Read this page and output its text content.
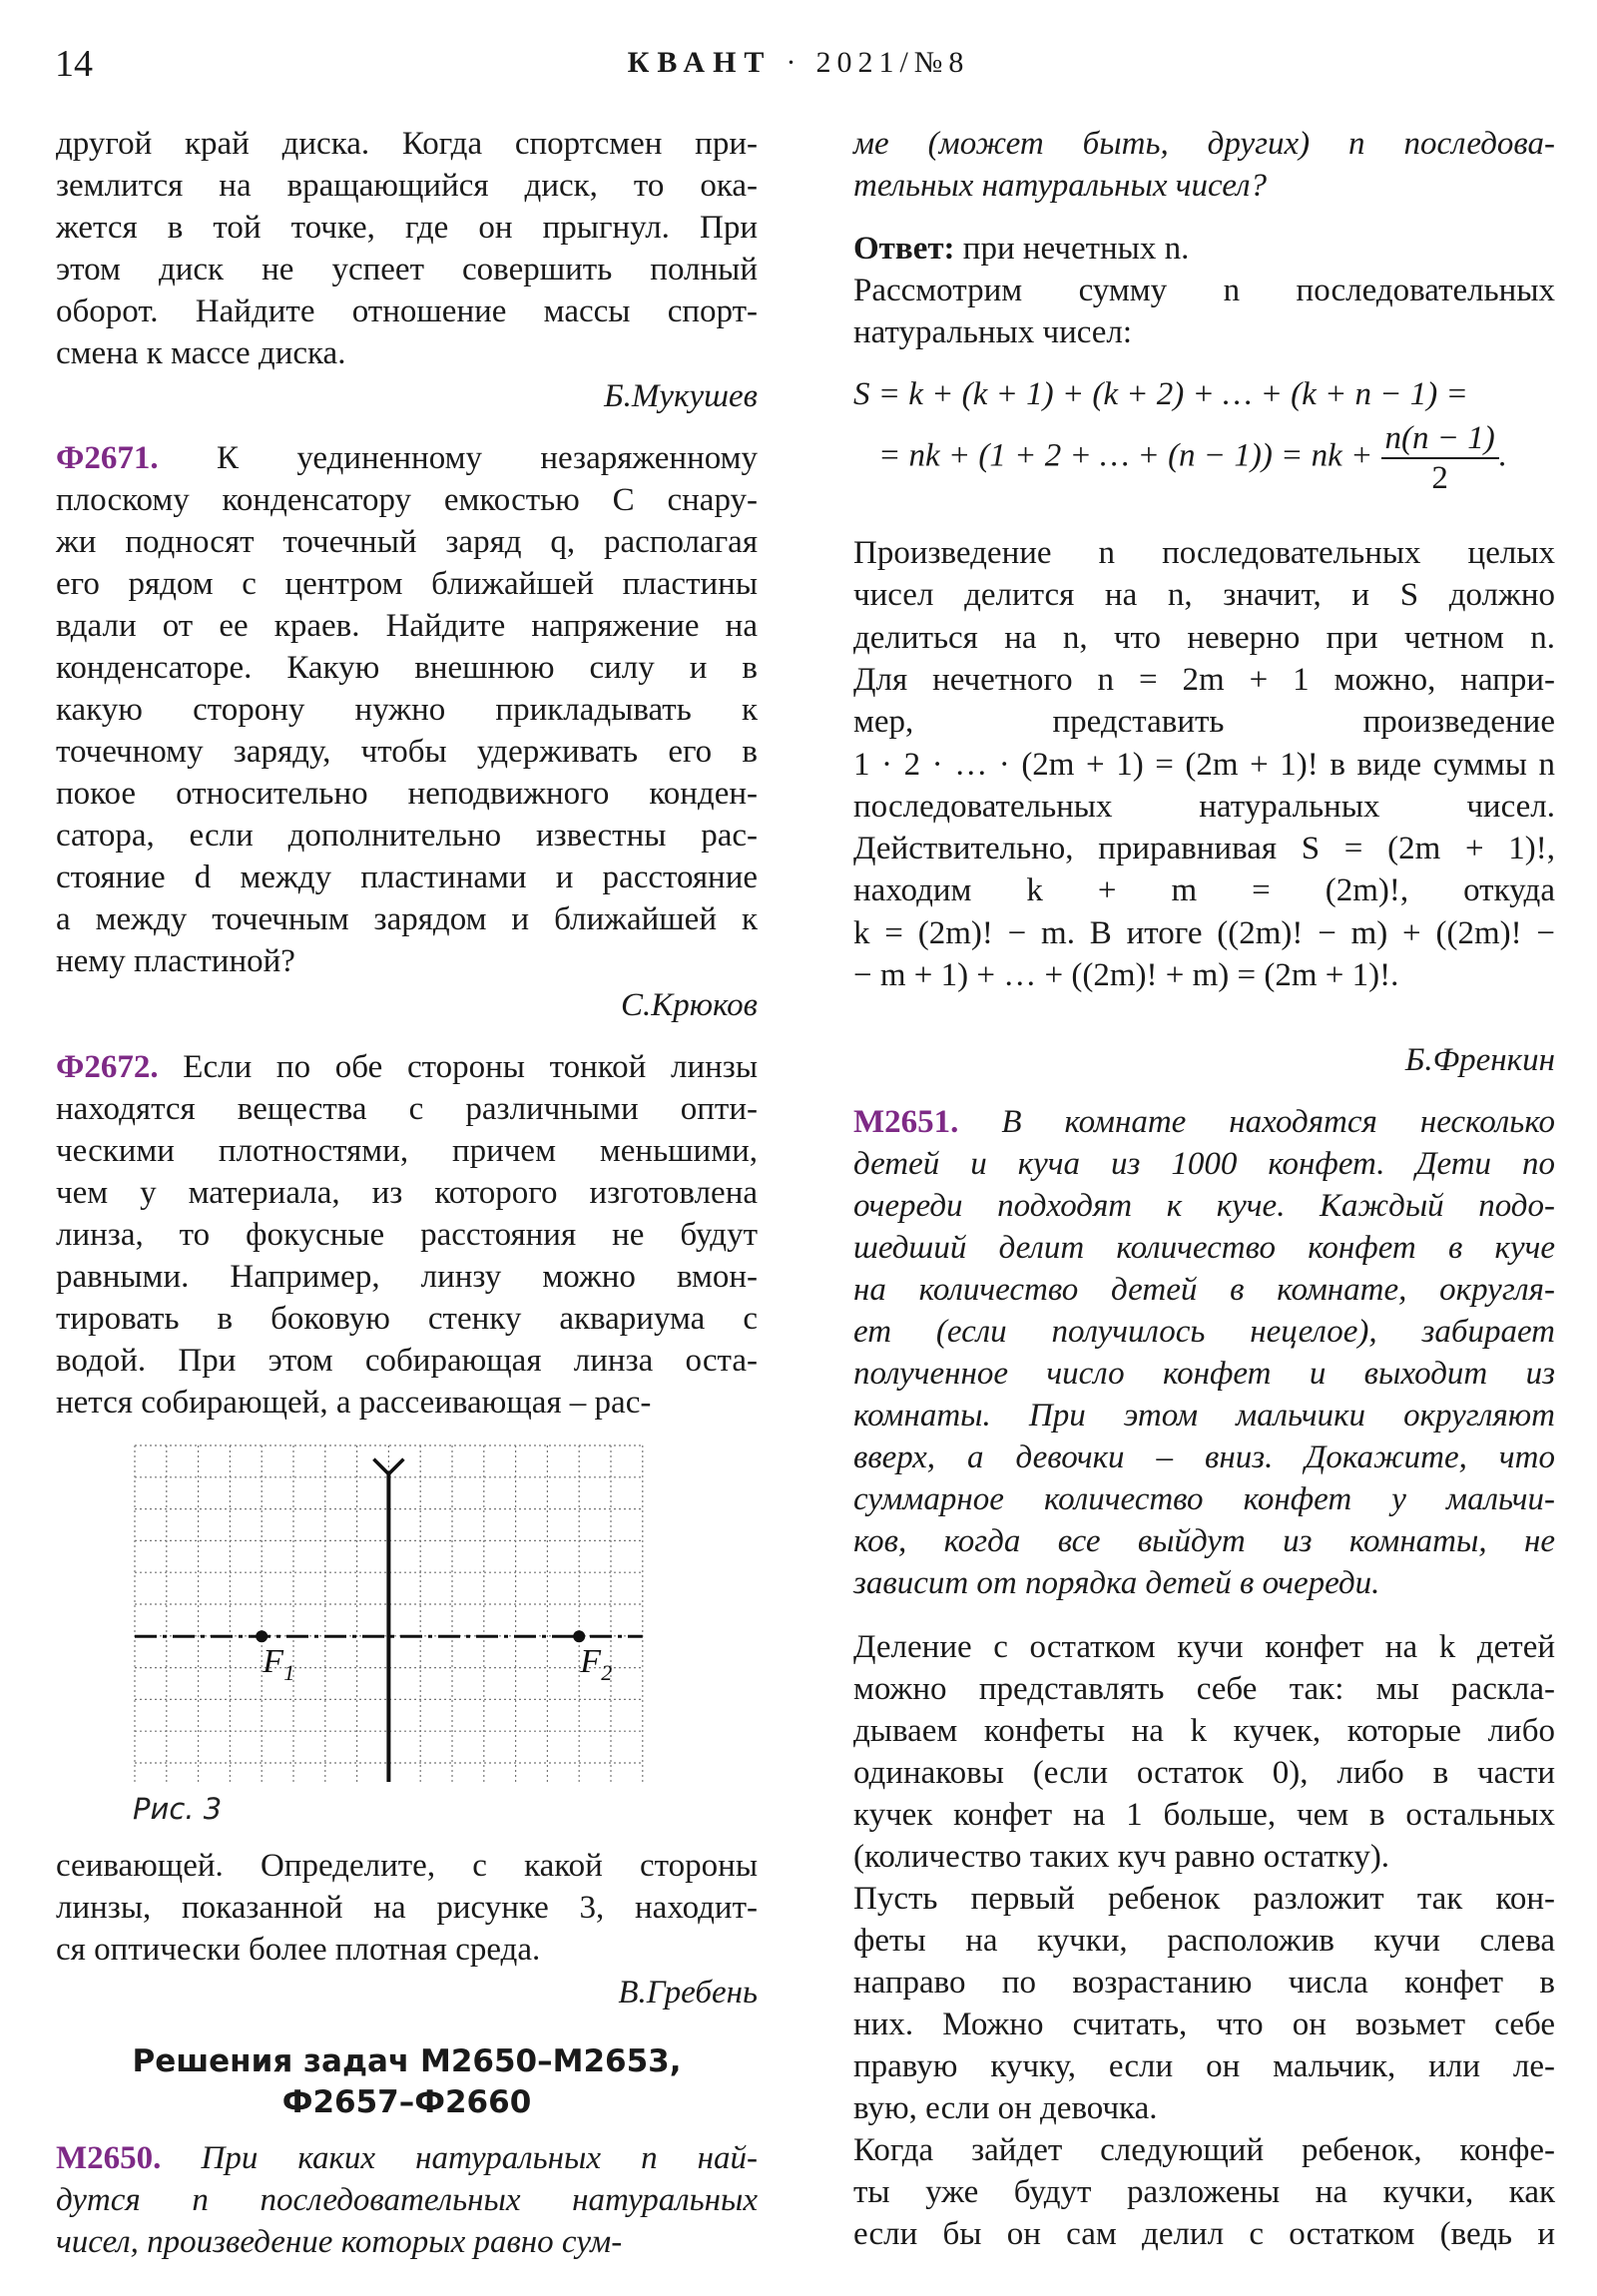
14	КВАНТ · 2021/№8
другой край диска. Когда спортсмен при-
землится на вращающийся диск, то ока-
жется в той точке, где он прыгнул. При
этом диск не успеет совершить полный
оборот. Найдите отношение массы спорт-
смена к массе диска.
Б.Мукушев
Ф2671. К уединенному незаряженному
плоскому конденсатору емкостью C снару-
жи подносят точечный заряд q, располагая
его рядом с центром ближайшей пластины
вдали от ее краев. Найдите напряжение на
конденсаторе. Какую внешнюю силу и в
какую сторону нужно прикладывать к
точечному заряду, чтобы удерживать его в
покое относительно неподвижного конден-
сатора, если дополнительно известны рас-
стояние d между пластинами и расстояние
a между точечным зарядом и ближайшей к
нему пластиной?
С.Крюков
Ф2672. Если по обе стороны тонкой линзы
находятся вещества с различными опти-
ческими плотностями, причем меньшими,
чем у материала, из которого изготовлена
линза, то фокусные расстояния не будут
равными. Например, линзу можно вмон-
тировать в боковую стенку аквариума с
водой. При этом собирающая линза оста-
нется собирающей, а рассеивающая – рас-
F 1	F 2
Рис. 3
сеивающей. Определите, с какой стороны
линзы, показанной на рисунке 3, находит-
ся оптически более плотная среда.
В.Гребень
Решения задач М2650–М2653,
Ф2657–Ф2660
М2650. При каких натуральных n най-
дутся n последовательных натуральных
чисел, произведение которых равно сум-
ме (может быть, других) n последова-
тельных натуральных чисел?
Ответ: при нечетных n.
Рассмотрим сумму n последовательных
натуральных чисел:
S = k + (k + 1) + (k + 2) + … + (k + n − 1) =
= nk + (1 + 2 + … + (n − 1)) = nk + $\frac{n(n - 1)}{2}$ .
Произведение n последовательных целых
чисел делится на n, значит, и S должно
делиться на n, что неверно при четном n.
Для нечетного n = 2m + 1 можно, напри-
мер, представить произведение
1 · 2 · … · (2m + 1) = (2m + 1)! в виде суммы n
последовательных натуральных чисел.
Действительно, приравнивая S = (2m + 1)!,
находим k + m = (2m)!, откуда
k = (2m)! − m. В итоге ((2m)! − m) + ((2m)! −
− m + 1) + … + ((2m)! + m) = (2m + 1)!.
Б.Френкин
М2651. В комнате находятся несколько
детей и куча из 1000 конфет. Дети по
очереди подходят к куче. Каждый подо-
шедший делит количество конфет в куче
на количество детей в комнате, округля-
ет (если получилось нецелое), забирает
полученное число конфет и выходит из
комнаты. При этом мальчики округляют
вверх, а девочки – вниз. Докажите, что
суммарное количество конфет у мальчи-
ков, когда все выйдут из комнаты, не
зависит от порядка детей в очереди.
Деление с остатком кучи конфет на k детей
можно представлять себе так: мы раскла-
дываем конфеты на k кучек, которые либо
одинаковы (если остаток 0), либо в части
кучек конфет на 1 больше, чем в остальных
(количество таких куч равно остатку).
Пусть первый ребенок разложит так кон-
феты на кучки, расположив кучи слева
направо по возрастанию числа конфет в
них. Можно считать, что он возьмет себе
правую кучку, если он мальчик, или ле-
вую, если он девочка.
Когда зайдет следующий ребенок, конфе-
ты уже будут разложены на кучки, как
если бы он сам делил с остатком (ведь и
